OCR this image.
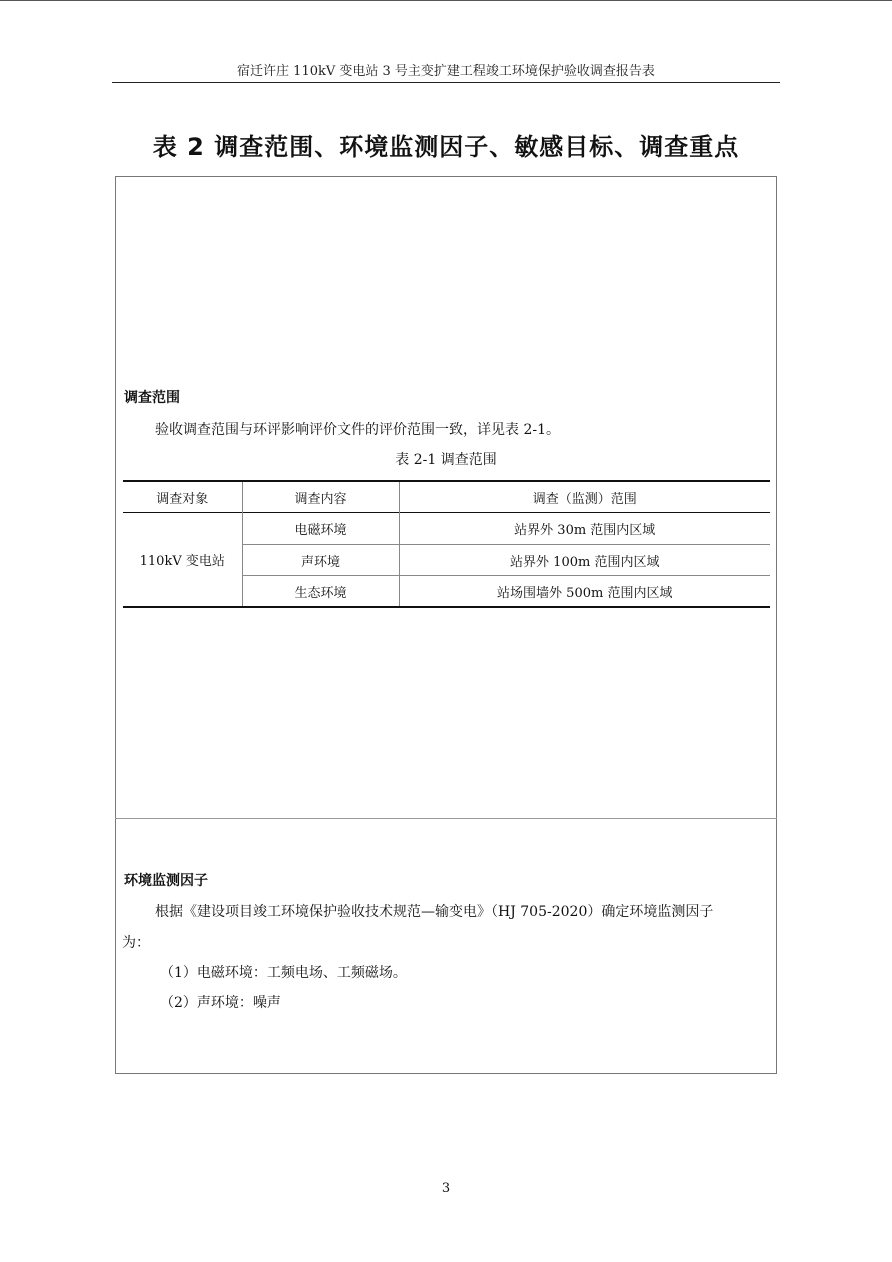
宿迁许庄 110kV 变电站 3 号主变扩建工程竣工环境保护验收调查报告表
表 2 调查范围、环境监测因子、敏感目标、调查重点
调查范围
验收调查范围与环评影响评价文件的评价范围一致，详见表 2-1。
表 2-1 调查范围
调查对象	调查内容	调查（监测）范围
110kV 变电站	电磁环境	站界外 30m 范围内区域
	声环境	站界外 100m 范围内区域
	生态环境	站场围墙外 500m 范围内区域
环境监测因子
根据《建设项目竣工环境保护验收技术规范—输变电》（HJ 705-2020）确定环境监测因子
为：
（1）电磁环境：工频电场、工频磁场。
（2）声环境：噪声
3
